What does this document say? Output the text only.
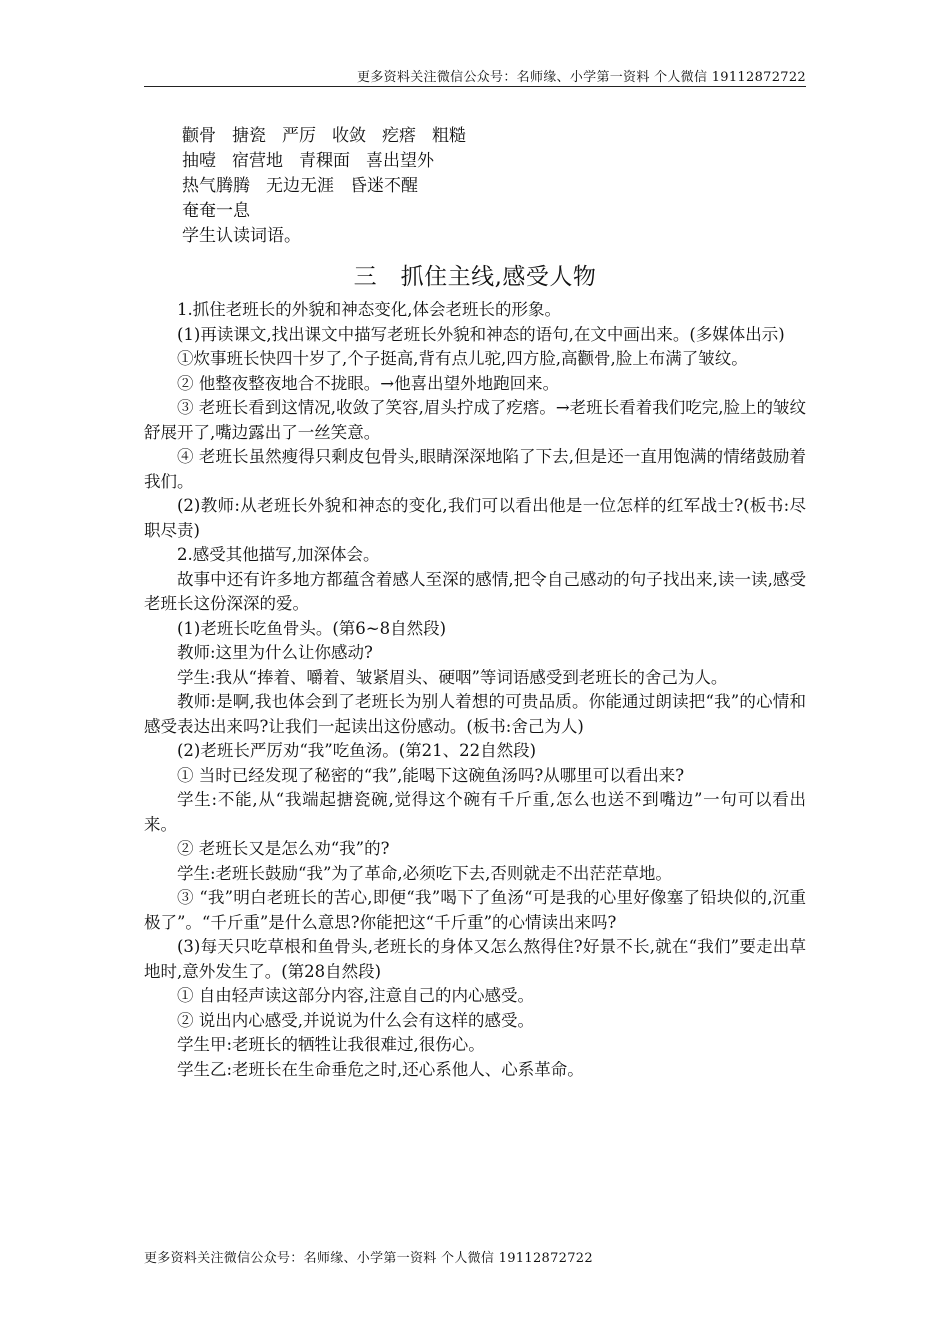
更多资料关注微信公众号：名师缘、小学第一资料 个人微信 19112872722
颧骨 搪瓷 严厉 收敛 疙瘩 粗糙
抽噎 宿营地 青稞面 喜出望外
热气腾腾 无边无涯 昏迷不醒
奄奄一息
学生认读词语。
三　抓住主线,感受人物

1.抓住老班长的外貌和神态变化,体会老班长的形象。

(1)再读课文,找出课文中描写老班长外貌和神态的语句,在文中画出来。(多媒体出示)

①炊事班长快四十岁了,个子挺高,背有点儿驼,四方脸,高颧骨,脸上布满了皱纹。

② 他整夜整夜地合不拢眼。→他喜出望外地跑回来。

③ 老班长看到这情况,收敛了笑容,眉头拧成了疙瘩。→老班长看着我们吃完,脸上的皱纹舒展开了,嘴边露出了一丝笑意。

④ 老班长虽然瘦得只剩皮包骨头,眼睛深深地陷了下去,但是还一直用饱满的情绪鼓励着我们。

(2)教师:从老班长外貌和神态的变化,我们可以看出他是一位怎样的红军战士?(板书:尽职尽责)

2.感受其他描写,加深体会。

故事中还有许多地方都蕴含着感人至深的感情,把令自己感动的句子找出来,读一读,感受老班长这份深深的爱。

(1)老班长吃鱼骨头。(第6~8自然段)

教师:这里为什么让你感动?

学生:我从“捧着、嚼着、皱紧眉头、硬咽”等词语感受到老班长的舍己为人。

教师:是啊,我也体会到了老班长为别人着想的可贵品质。你能通过朗读把“我”的心情和感受表达出来吗?让我们一起读出这份感动。(板书:舍己为人)

(2)老班长严厉劝“我”吃鱼汤。(第21、22自然段)

① 当时已经发现了秘密的“我”,能喝下这碗鱼汤吗?从哪里可以看出来?

学生:不能,从“我端起搪瓷碗,觉得这个碗有千斤重,怎么也送不到嘴边”一句可以看出来。

② 老班长又是怎么劝“我”的?

学生:老班长鼓励“我”为了革命,必须吃下去,否则就走不出茫茫草地。

③ “我”明白老班长的苦心,即便“我”喝下了鱼汤“可是我的心里好像塞了铅块似的,沉重极了”。“千斤重”是什么意思?你能把这“千斤重”的心情读出来吗?

(3)每天只吃草根和鱼骨头,老班长的身体又怎么熬得住?好景不长,就在“我们”要走出草地时,意外发生了。(第28自然段)

① 自由轻声读这部分内容,注意自己的内心感受。

② 说出内心感受,并说说为什么会有这样的感受。

学生甲:老班长的牺牲让我很难过,很伤心。

学生乙:老班长在生命垂危之时,还心系他人、心系革命。

更多资料关注微信公众号：名师缘、小学第一资料 个人微信 19112872722
